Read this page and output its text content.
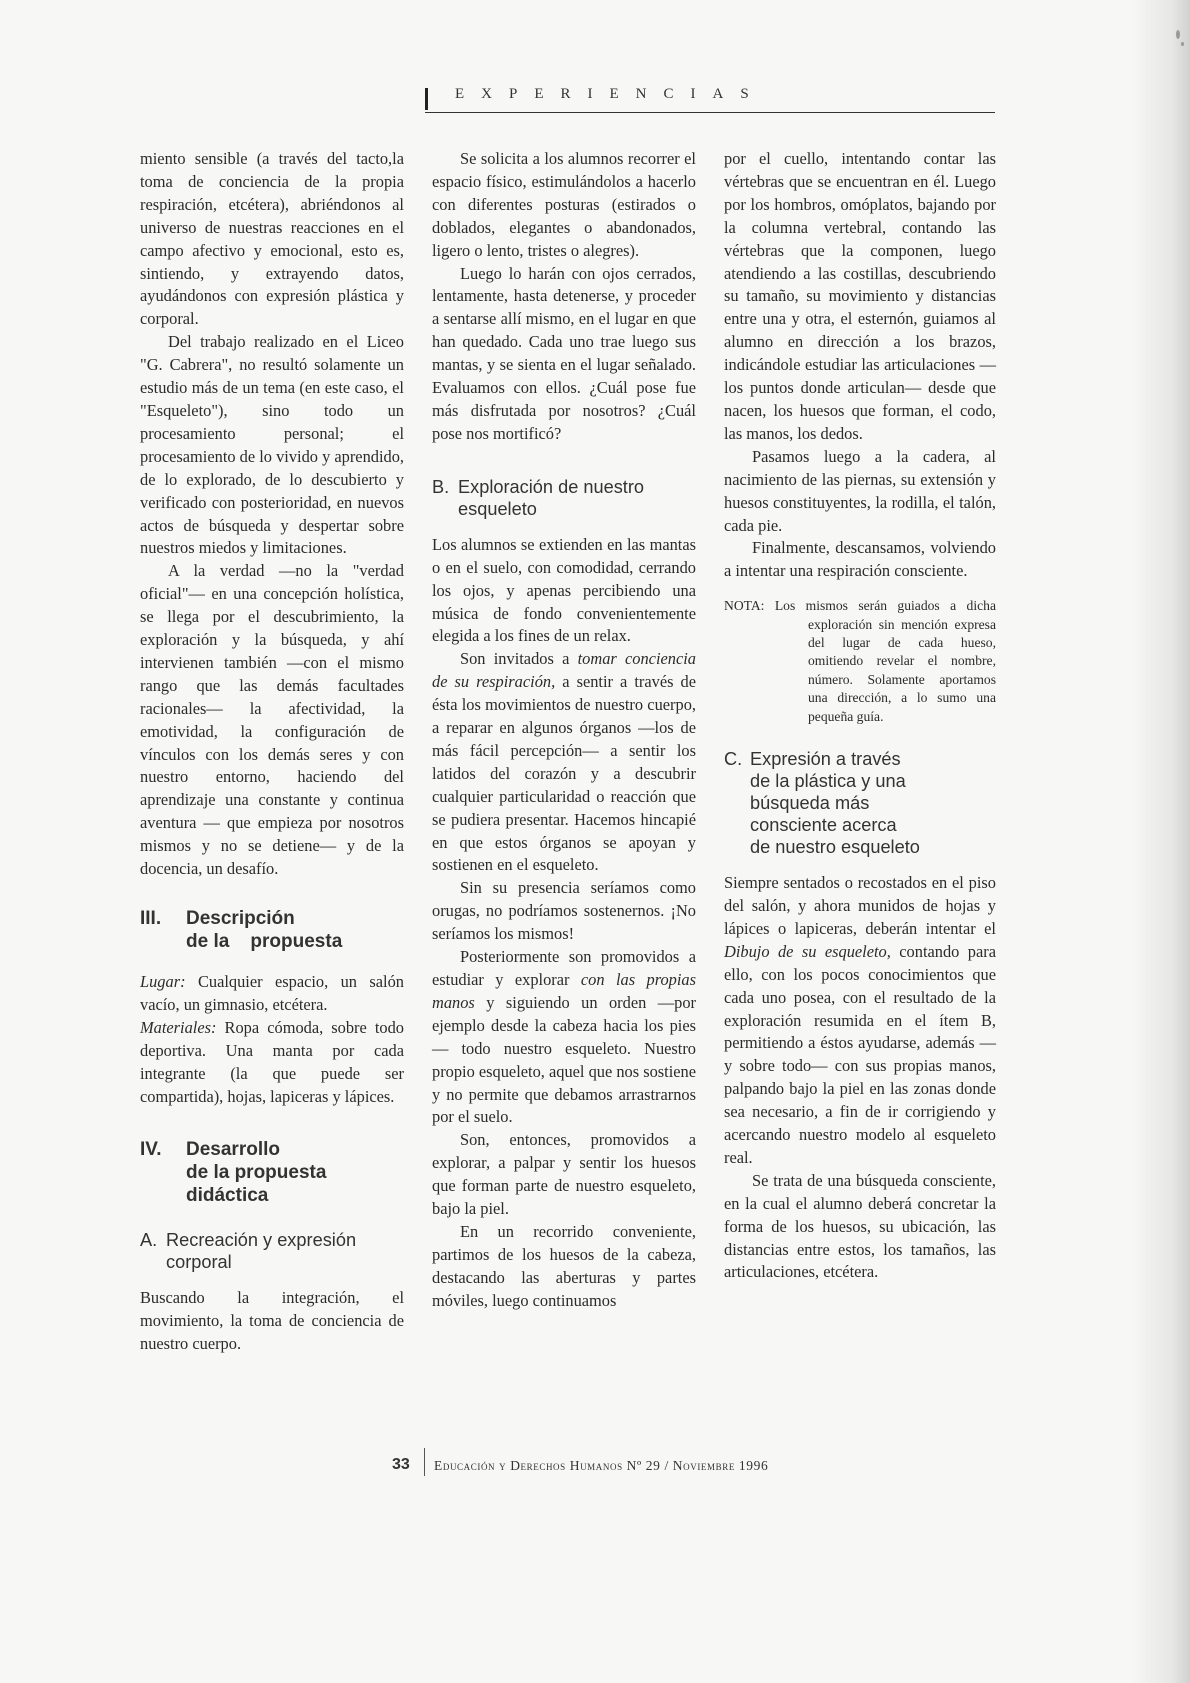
EXPERIENCIAS

miento sensible (a través del tacto,la toma de conciencia de la propia respiración, etcétera), abriéndonos al universo de nuestras reacciones en el campo afectivo y emocional, esto es, sintiendo, y extrayendo datos, ayudándonos con expresión plástica y corporal.

Del trabajo realizado en el Liceo "G. Cabrera", no resultó solamente un estudio más de un tema (en este caso, el "Esqueleto"), sino todo un procesamiento personal; el procesamiento de lo vivido y aprendido, de lo explorado, de lo descubierto y verificado con posterioridad, en nuevos actos de búsqueda y despertar sobre nuestros miedos y limitaciones.

A la verdad —no la "verdad oficial"— en una concepción holística, se llega por el descubrimiento, la exploración y la búsqueda, y ahí intervienen también —con el mismo rango que las demás facultades racionales— la afectividad, la emotividad, la configuración de vínculos con los demás seres y con nuestro entorno, haciendo del aprendizaje una constante y continua aventura — que empieza por nosotros mismos y no se detiene— y de la docencia, un desafío.

III. Descripción
de la    propuesta

Lugar: Cualquier espacio, un salón vacío, un gimnasio, etcétera.

Materiales: Ropa cómoda, sobre todo deportiva. Una manta por cada integrante (la que puede ser compartida), hojas, lapiceras y lápices.

IV. Desarrollo
de la propuesta
didáctica
A. Recreación y expresión
corporal

Buscando la integración, el movimiento, la toma de conciencia de nuestro cuerpo.

Se solicita a los alumnos recorrer el espacio físico, estimulándolos a hacerlo con diferentes posturas (estirados o doblados, elegantes o abandonados, ligero o lento, tristes o alegres).

Luego lo harán con ojos cerrados, lentamente, hasta detenerse, y proceder a sentarse allí mismo, en el lugar en que han quedado. Cada uno trae luego sus mantas, y se sienta en el lugar señalado. Evaluamos con ellos. ¿Cuál pose fue más disfrutada por nosotros? ¿Cuál pose nos mortificó?

B. Exploración de nuestro
esqueleto

Los alumnos se extienden en las mantas o en el suelo, con comodidad, cerrando los ojos, y apenas percibiendo una música de fondo convenientemente elegida a los fines de un relax.

Son invitados a tomar conciencia de su respiración, a sentir a través de ésta los movimientos de nuestro cuerpo, a reparar en algunos órganos —los de más fácil percepción— a sentir los latidos del corazón y a descubrir cualquier particularidad o reacción que se pudiera presentar. Hacemos hincapié en que estos órganos se apoyan y sostienen en el esqueleto.

Sin su presencia seríamos como orugas, no podríamos sostenernos. ¡No seríamos los mismos!

Posteriormente son promovidos a estudiar y explorar con las propias manos y siguiendo un orden —por ejemplo desde la cabeza hacia los pies— todo nuestro esqueleto. Nuestro propio esqueleto, aquel que nos sostiene y no permite que debamos arrastrarnos por el suelo.

Son, entonces, promovidos a explorar, a palpar y sentir los huesos que forman parte de nuestro esqueleto, bajo la piel.

En un recorrido conveniente, partimos de los huesos de la cabeza, destacando las aberturas y partes móviles, luego continuamos

por el cuello, intentando contar las vértebras que se encuentran en él. Luego por los hombros, omóplatos, bajando por la columna vertebral, contando las vértebras que la componen, luego atendiendo a las costillas, descubriendo su tamaño, su movimiento y distancias entre una y otra, el esternón, guiamos al alumno en dirección a los brazos, indicándole estudiar las articulaciones —los puntos donde articulan— desde que nacen, los huesos que forman, el codo, las manos, los dedos.

Pasamos luego a la cadera, al nacimiento de las piernas, su extensión y huesos constituyentes, la rodilla, el talón, cada pie.

Finalmente, descansamos, volviendo a intentar una respiración consciente.

NOTA: Los mismos serán guiados a dicha exploración sin mención expresa del lugar de cada hueso, omitiendo revelar el nombre, número. Solamente aportamos una dirección, a lo sumo una pequeña guía.

C. Expresión a través
de la plástica y una
búsqueda más
consciente acerca
de nuestro esqueleto

Siempre sentados o recostados en el piso del salón, y ahora munidos de hojas y lápices o lapiceras, deberán intentar el Dibujo de su esqueleto, contando para ello, con los pocos conocimientos que cada uno posea, con el resultado de la exploración resumida en el ítem B, permitiendo a éstos ayudarse, además —y sobre todo— con sus propias manos, palpando bajo la piel en las zonas donde sea necesario, a fin de ir corrigiendo y acercando nuestro modelo al esqueleto real.

Se trata de una búsqueda consciente, en la cual el alumno deberá concretar la forma de los huesos, su ubicación, las distancias entre estos, los tamaños, las articulaciones, etcétera.

33 Educación y Derechos Humanos Nº 29 / Noviembre 1996
